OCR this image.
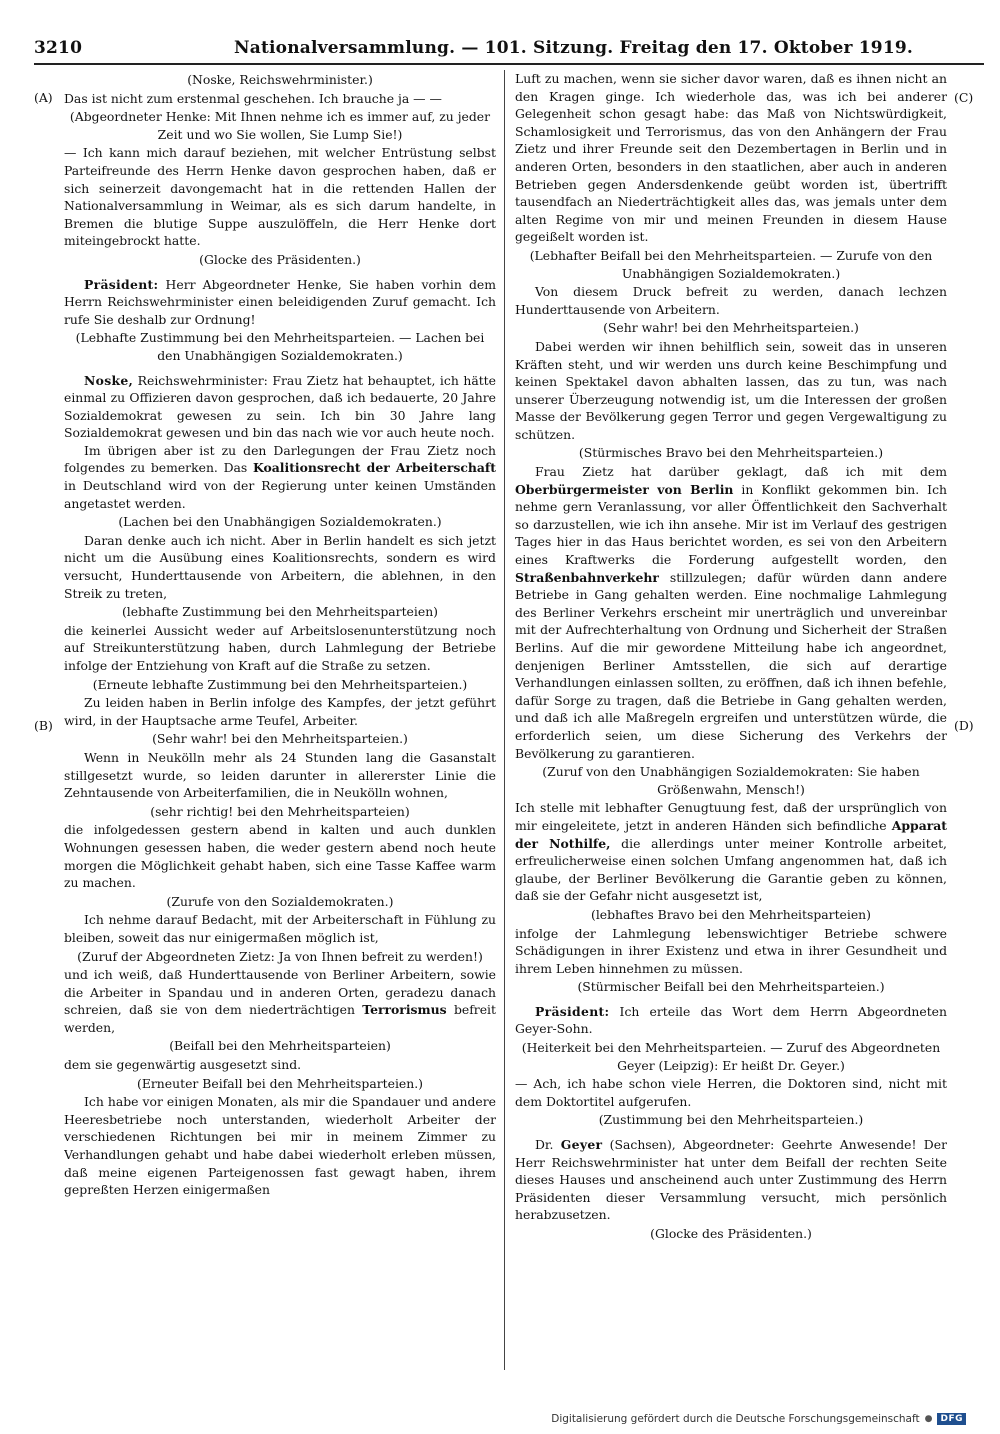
3210	Nationalversammlung. — 101. Sitzung. Freitag den 17. Oktober 1919.
(A)
(B)
(C)
(D)

(Noske, Reichswehrminister.)

Das ist nicht zum erstenmal geschehen. Ich brauche ja — —

(Abgeordneter Henke: Mit Ihnen nehme ich es immer auf, zu jeder Zeit und wo Sie wollen, Sie Lump Sie!)

— Ich kann mich darauf beziehen, mit welcher Entrüstung selbst Parteifreunde des Herrn Henke davon gesprochen haben, daß er sich seinerzeit davongemacht hat in die rettenden Hallen der Nationalversammlung in Weimar, als es sich darum handelte, in Bremen die blutige Suppe auszulöffeln, die Herr Henke dort miteingebrockt hatte.

(Glocke des Präsidenten.)

Präsident: Herr Abgeordneter Henke, Sie haben vorhin dem Herrn Reichswehrminister einen beleidigenden Zuruf gemacht. Ich rufe Sie deshalb zur Ordnung!

(Lebhafte Zustimmung bei den Mehrheitsparteien. — Lachen bei den Unabhängigen Sozialdemokraten.)

Noske, Reichswehrminister: Frau Zietz hat behauptet, ich hätte einmal zu Offizieren davon gesprochen, daß ich bedauerte, 20 Jahre Sozialdemokrat gewesen zu sein. Ich bin 30 Jahre lang Sozialdemokrat gewesen und bin das nach wie vor auch heute noch.

Im übrigen aber ist zu den Darlegungen der Frau Zietz noch folgendes zu bemerken. Das Koalitionsrecht der Arbeiterschaft in Deutschland wird von der Regierung unter keinen Umständen angetastet werden.

(Lachen bei den Unabhängigen Sozialdemokraten.)

Daran denke auch ich nicht. Aber in Berlin handelt es sich jetzt nicht um die Ausübung eines Koalitionsrechts, sondern es wird versucht, Hunderttausende von Arbeitern, die ablehnen, in den Streik zu treten,

(lebhafte Zustimmung bei den Mehrheitsparteien)

die keinerlei Aussicht weder auf Arbeitslosenunterstützung noch auf Streikunterstützung haben, durch Lahmlegung der Betriebe infolge der Entziehung von Kraft auf die Straße zu setzen.

(Erneute lebhafte Zustimmung bei den Mehrheitsparteien.)

Zu leiden haben in Berlin infolge des Kampfes, der jetzt geführt wird, in der Hauptsache arme Teufel, Arbeiter.

(Sehr wahr! bei den Mehrheitsparteien.)

Wenn in Neukölln mehr als 24 Stunden lang die Gasanstalt stillgesetzt wurde, so leiden darunter in allererster Linie die Zehntausende von Arbeiterfamilien, die in Neukölln wohnen,

(sehr richtig! bei den Mehrheitsparteien)

die infolgedessen gestern abend in kalten und auch dunklen Wohnungen gesessen haben, die weder gestern abend noch heute morgen die Möglichkeit gehabt haben, sich eine Tasse Kaffee warm zu machen.

(Zurufe von den Sozialdemokraten.)

Ich nehme darauf Bedacht, mit der Arbeiterschaft in Fühlung zu bleiben, soweit das nur einigermaßen möglich ist,

(Zuruf der Abgeordneten Zietz: Ja von Ihnen befreit zu werden!)

und ich weiß, daß Hunderttausende von Berliner Arbeitern, sowie die Arbeiter in Spandau und in anderen Orten, geradezu danach schreien, daß sie von dem niederträchtigen Terrorismus befreit werden,

(Beifall bei den Mehrheitsparteien)

dem sie gegenwärtig ausgesetzt sind.

(Erneuter Beifall bei den Mehrheitsparteien.)

Ich habe vor einigen Monaten, als mir die Spandauer und andere Heeresbetriebe noch unterstanden, wiederholt Arbeiter der verschiedenen Richtungen bei mir in meinem Zimmer zu Verhandlungen gehabt und habe dabei wiederholt erleben müssen, daß meine eigenen Parteigenossen fast gewagt haben, ihrem gepreßten Herzen einigermaßen

Luft zu machen, wenn sie sicher davor waren, daß es ihnen nicht an den Kragen ginge. Ich wiederhole das, was ich bei anderer Gelegenheit schon gesagt habe: das Maß von Nichtswürdigkeit, Schamlosigkeit und Terrorismus, das von den Anhängern der Frau Zietz und ihrer Freunde seit den Dezembertagen in Berlin und in anderen Orten, besonders in den staatlichen, aber auch in anderen Betrieben gegen Andersdenkende geübt worden ist, übertrifft tausendfach an Niederträchtigkeit alles das, was jemals unter dem alten Regime von mir und meinen Freunden in diesem Hause gegeißelt worden ist.

(Lebhafter Beifall bei den Mehrheitsparteien. — Zurufe von den Unabhängigen Sozialdemokraten.)

Von diesem Druck befreit zu werden, danach lechzen Hunderttausende von Arbeitern.

(Sehr wahr! bei den Mehrheitsparteien.)

Dabei werden wir ihnen behilflich sein, soweit das in unseren Kräften steht, und wir werden uns durch keine Beschimpfung und keinen Spektakel davon abhalten lassen, das zu tun, was nach unserer Überzeugung notwendig ist, um die Interessen der großen Masse der Bevölkerung gegen Terror und gegen Vergewaltigung zu schützen.

(Stürmisches Bravo bei den Mehrheitsparteien.)

Frau Zietz hat darüber geklagt, daß ich mit dem Oberbürgermeister von Berlin in Konflikt gekommen bin. Ich nehme gern Veranlassung, vor aller Öffentlichkeit den Sachverhalt so darzustellen, wie ich ihn ansehe. Mir ist im Verlauf des gestrigen Tages hier in das Haus berichtet worden, es sei von den Arbeitern eines Kraftwerks die Forderung aufgestellt worden, den Straßenbahnverkehr stillzulegen; dafür würden dann andere Betriebe in Gang gehalten werden. Eine nochmalige Lahmlegung des Berliner Verkehrs erscheint mir unerträglich und unvereinbar mit der Aufrechterhaltung von Ordnung und Sicherheit der Straßen Berlins. Auf die mir gewordene Mitteilung habe ich angeordnet, denjenigen Berliner Amtsstellen, die sich auf derartige Verhandlungen einlassen sollten, zu eröffnen, daß ich ihnen befehle, dafür Sorge zu tragen, daß die Betriebe in Gang gehalten werden, und daß ich alle Maßregeln ergreifen und unterstützen würde, die erforderlich seien, um diese Sicherung des Verkehrs der Bevölkerung zu garantieren.

(Zuruf von den Unabhängigen Sozialdemokraten: Sie haben Größenwahn, Mensch!)

Ich stelle mit lebhafter Genugtuung fest, daß der ursprünglich von mir eingeleitete, jetzt in anderen Händen sich befindliche Apparat der Nothilfe, die allerdings unter meiner Kontrolle arbeitet, erfreulicherweise einen solchen Umfang angenommen hat, daß ich glaube, der Berliner Bevölkerung die Garantie geben zu können, daß sie der Gefahr nicht ausgesetzt ist,

(lebhaftes Bravo bei den Mehrheitsparteien)

infolge der Lahmlegung lebenswichtiger Betriebe schwere Schädigungen in ihrer Existenz und etwa in ihrer Gesundheit und ihrem Leben hinnehmen zu müssen.

(Stürmischer Beifall bei den Mehrheitsparteien.)

Präsident: Ich erteile das Wort dem Herrn Abgeordneten Geyer-Sohn.

(Heiterkeit bei den Mehrheitsparteien. — Zuruf des Abgeordneten Geyer (Leipzig): Er heißt Dr. Geyer.)

— Ach, ich habe schon viele Herren, die Doktoren sind, nicht mit dem Doktortitel aufgerufen.

(Zustimmung bei den Mehrheitsparteien.)

Dr. Geyer (Sachsen), Abgeordneter: Geehrte Anwesende! Der Herr Reichswehrminister hat unter dem Beifall der rechten Seite dieses Hauses und anscheinend auch unter Zustimmung des Herrn Präsidenten dieser Versammlung versucht, mich persönlich herabzusetzen.

(Glocke des Präsidenten.)

Digitalisierung gefördert durch die Deutsche Forschungsgemeinschaft ● DFG
